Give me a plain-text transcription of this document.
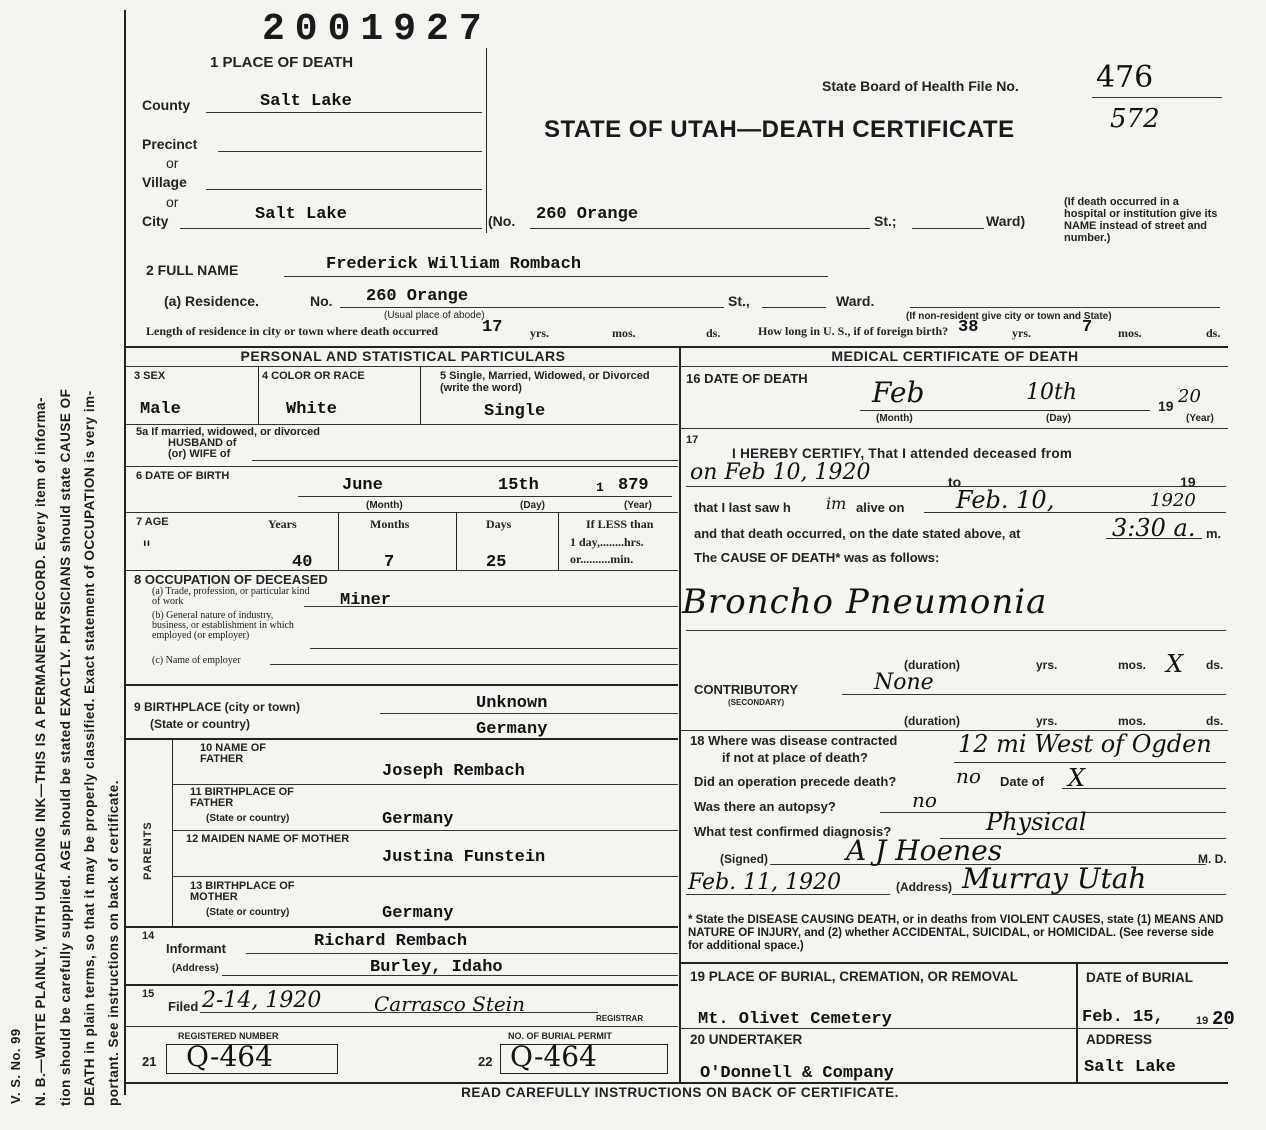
V. S. No. 99 N. B.—WRITE PLAINLY, WITH UNFADING INK—THIS IS A PERMANENT RECORD. Every item of informa- tion should be carefully supplied. AGE should be stated EXACTLY. PHYSICIANS should state CAUSE OF DEATH in plain terms, so that it may be properly classified. Exact statement of OCCUPATION is very im- portant. See instructions on back of certificate.
2001927
1 PLACE OF DEATH
State Board of Health File No.	476
572
STATE OF UTAH—DEATH CERTIFICATE
County	Salt Lake
Precinct
or
Village
or
City	Salt Lake	(No. 260 Orange	St.;	Ward)
(If death occurred in a hospital or institution give its NAME instead of street and number.)
2 FULL NAME	Frederick William Rombach
(a) Residence.	No. 260 Orange	St.,	Ward.
(Usual place of abode)	(If non-resident give city or town and State)
Length of residence in city or town where death occurred	17 yrs.	mos.	ds.	How long in U. S., if of foreign birth? 38	yrs.	7 mos.	ds.
PERSONAL AND STATISTICAL PARTICULARS
3 SEX
Male
4 COLOR OR RACE
White
5 Single, Married, Widowed, or Divorced (write the word)
Single
5a If married, widowed, or divorced
HUSBAND of
(or) WIFE of
6 DATE OF BIRTH	June	15th	1 879
(Month)	(Day)	(Year)
7 AGE
"
Years	Months	Days
40	7	25
If LESS than
1 day,........hrs.
or..........min.
8 OCCUPATION OF DECEASED
(a) Trade, profession, or particular kind of work	Miner
(b) General nature of industry, business, or establishment in which employed (or employer)
(c) Name of employer
9 BIRTHPLACE (city or town)
(State or country)
Unknown
Germany
PARENTS
10 NAME OF FATHER
Joseph Rembach
11 BIRTHPLACE OF FATHER
(State or country)	Germany
12 MAIDEN NAME OF MOTHER
Justina Funstein
13 BIRTHPLACE OF MOTHER
(State or country)	Germany
14
Informant	Richard Rembach
(Address)	Burley, Idaho
15
Filed 2-14, 1920	Carrasco Stein
REGISTRAR
REGISTERED NUMBER	NO. OF BURIAL PERMIT
21 Q-464	22 Q-464
MEDICAL CERTIFICATE OF DEATH
16 DATE OF DEATH Feb	10th
19 20
(Month)	(Day)	(Year)
17
I HEREBY CERTIFY, That I attended deceased from
on Feb 10, 1920	to	19
that I last saw h im alive on Feb. 10,	1920
and that death occurred, on the date stated above, at	3:30 a. m.
The CAUSE OF DEATH* was as follows:
Broncho Pneumonia
(duration)	yrs.	mos. X ds.
CONTRIBUTORY
(SECONDARY)
None
(duration)	yrs.	mos.	ds.
18 Where was disease contracted
if not at place of death?	12 mi West of Ogden
Did an operation precede death?	no Date of X
Was there an autopsy?	no
What test confirmed diagnosis?	Physical
(Signed)	A J Hoenes	M. D.
Feb. 11, 1920	(Address) Murray Utah
* State the DISEASE CAUSING DEATH, or in deaths from VIOLENT CAUSES, state (1) MEANS AND NATURE OF INJURY, and (2) whether ACCIDENTAL, SUICIDAL, or HOMICIDAL. (See reverse side for additional space.)
19 PLACE OF BURIAL, CREMATION, OR REMOVAL
Mt. Olivet Cemetery
DATE of BURIAL
Feb. 15,	19 20
20 UNDERTAKER
O'Donnell & Company
ADDRESS
Salt Lake
READ CAREFULLY INSTRUCTIONS ON BACK OF CERTIFICATE.
